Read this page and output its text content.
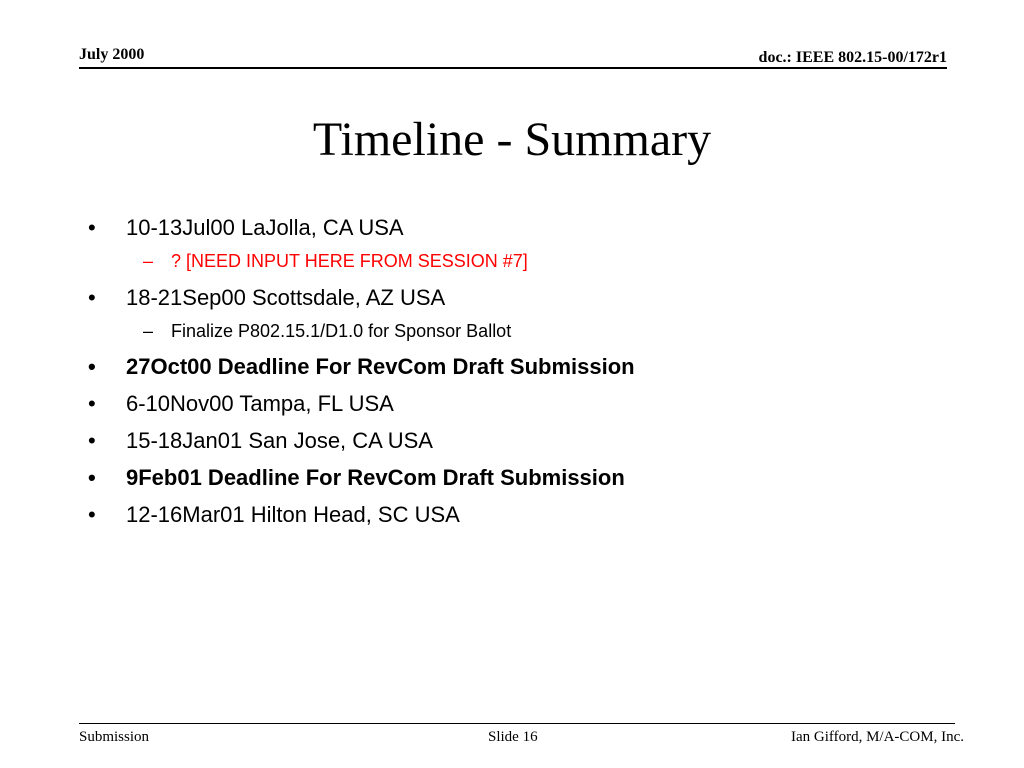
July 2000	doc.: IEEE 802.15-00/172r1
Timeline - Summary
• 10-13Jul00 LaJolla, CA USA
– ? [NEED INPUT HERE FROM SESSION #7]
• 18-21Sep00 Scottsdale, AZ USA
– Finalize P802.15.1/D1.0 for Sponsor Ballot
• 27Oct00 Deadline For RevCom Draft Submission
• 6-10Nov00 Tampa, FL USA
• 15-18Jan01 San Jose, CA USA
• 9Feb01 Deadline For RevCom Draft Submission
• 12-16Mar01 Hilton Head, SC USA
Submission	Slide 16	Ian Gifford, M/A-COM, Inc.
